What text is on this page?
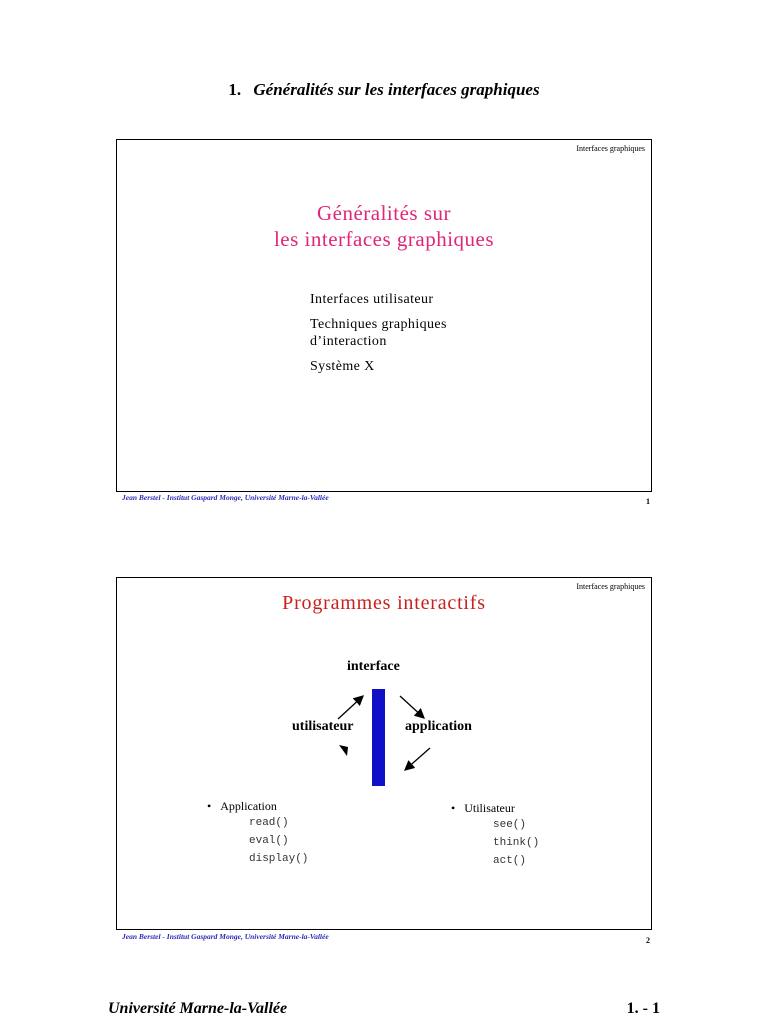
1. Généralités sur les interfaces graphiques
Interfaces graphiques
Généralités sur
les interfaces graphiques
Interfaces utilisateur
Techniques graphiques
d’interaction
Système X
Jean Berstel - Institut Gaspard Monge, Université Marne-la-Vallée	1
Interfaces graphiques
Programmes interactifs
interface
utilisateur	application
• Application
read()
eval()
display()
• Utilisateur
see()
think()
act()
Jean Berstel - Institut Gaspard Monge, Université Marne-la-Vallée	2
Université Marne-la-Vallée	1. - 1
